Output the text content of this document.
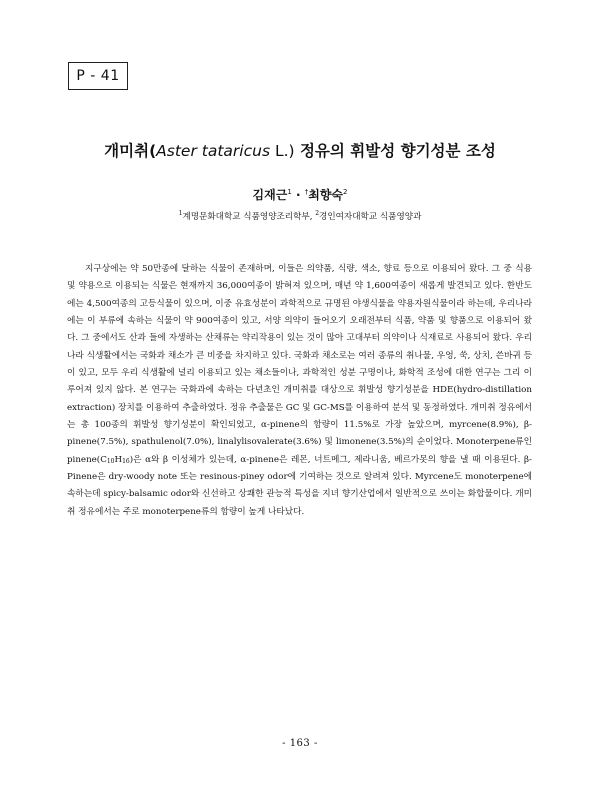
P - 41
개미취(Aster tataricus L.) 정유의 휘발성 향기성분 조성
김재근$^1$ · †최향숙$^2$
$^1$계명문화대학교 식품영양조리학부, $^2$경인여자대학교 식품영양과

지구상에는 약 50만종에 달하는 식물이 존재하며, 이들은 의약품, 식량, 색소, 향료 등으로 이용되어 왔다. 그 중 식용 및 약용으로 이용되는 식물은 현재까지 36,000여종이 밝혀져 있으며, 매년 약 1,600여종이 새롭게 발견되고 있다. 한반도에는 4,500여종의 고등식물이 있으며, 이중 유효성분이 과학적으로 규명된 야생식물을 약용자원식물이라 하는데, 우리나라에는 이 부류에 속하는 식물이 약 900여종이 있고, 서양 의약이 들어오기 오래전부터 식품, 약품 및 향품으로 이용되어 왔다. 그 중에서도 산과 들에 자생하는 산채류는 약리작용이 있는 것이 많아 고대부터 의약이나 식재료로 사용되어 왔다. 우리나라 식생활에서는 국화과 채소가 큰 비중을 차지하고 있다. 국화과 채소로는 여러 종류의 취나물, 우엉, 쑥, 상치, 쓴바귀 등이 있고, 모두 우리 식생활에 널리 이용되고 있는 채소들이나, 과학적인 성분 구명이나, 화학적 조성에 대한 연구는 그리 이루어져 있지 않다. 본 연구는 국화과에 속하는 다년초인 개미취를 대상으로 휘발성 향기성분을 HDE(hydro-distillation extraction) 장치를 이용하여 추출하였다. 정유 추출물은 GC 및 GC-MS를 이용하여 분석 및 동정하였다. 개미취 정유에서는 총 100종의 휘발성 향기성분이 확인되었고, α-pinene의 함량이 11.5%로 가장 높았으며, myrcene(8.9%), β-pinene(7.5%), spathulenol(7.0%), linalylisovalerate(3.6%) 및 limonene(3.5%)의 순이었다. Monoterpene류인 $pinene(C_{10}H_{16})$은 α와 β 이성체가 있는데, α-pinene은 레몬, 너트메그, 제라니움, 베르가못의 향을 낼 때 이용된다. β-Pinene은 dry-woody note 또는 resinous-piney odor에 기여하는 것으로 알려져 있다. Myrcene도 monoterpene에 속하는데 spicy-balsamic odor와 신선하고 상쾌한 관능적 특성을 지녀 향기산업에서 일반적으로 쓰이는 화합물이다. 개미취 정유에서는 주로 monoterpene류의 함량이 높게 나타났다.

- 163 -
